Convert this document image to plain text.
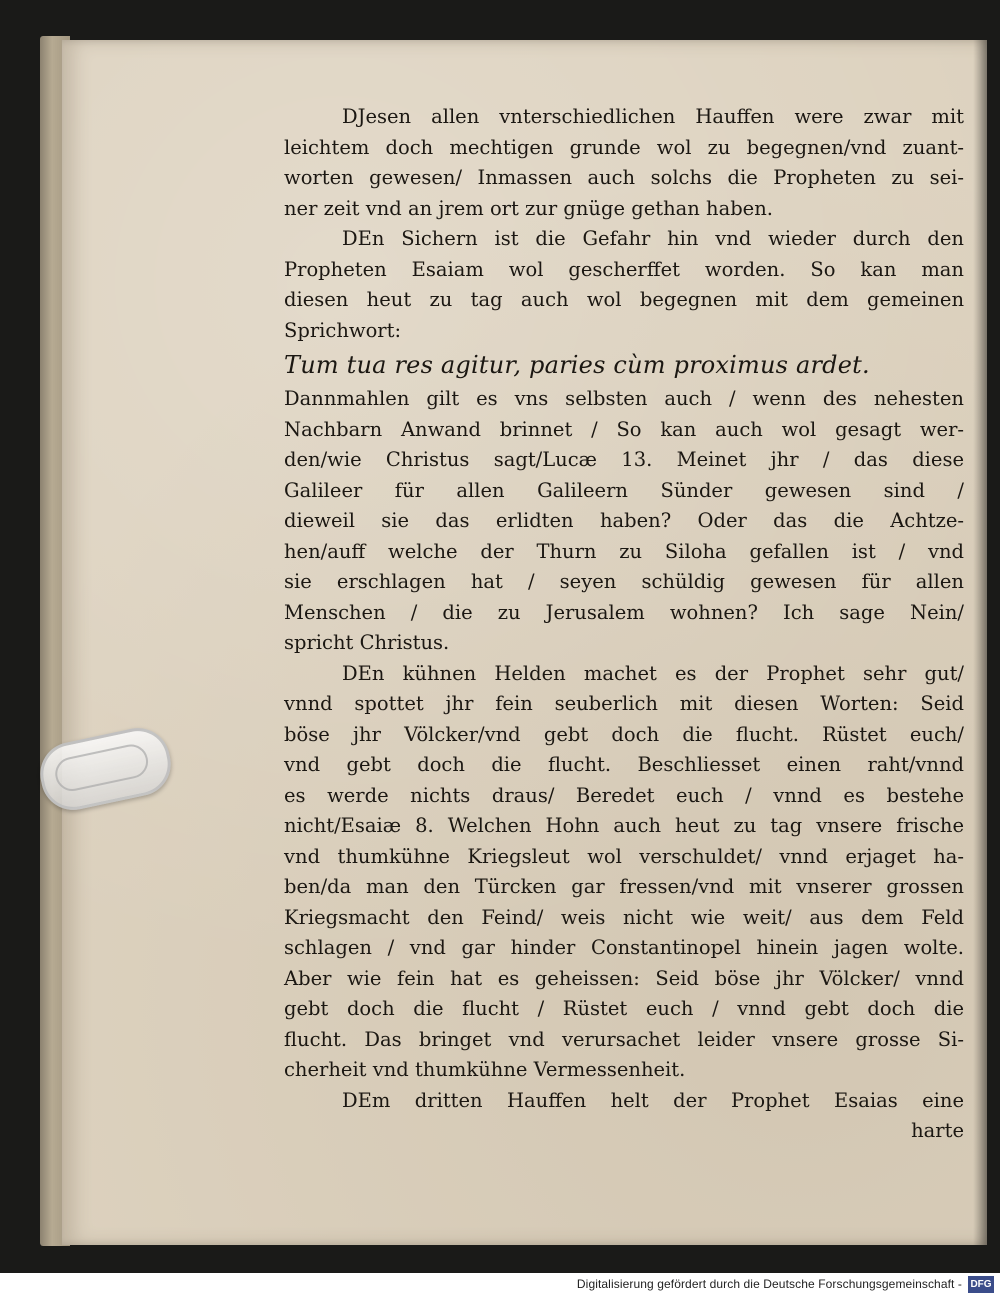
DJesen allen vnterschiedlichen Hauffen were zwar mit
leichtem doch mechtigen grunde wol zu begegnen/vnd zuant-
worten gewesen/ Inmassen auch solchs die Propheten zu sei-
ner zeit vnd an jrem ort zur gnüge gethan haben.
DEn Sichern ist die Gefahr hin vnd wieder durch den
Propheten Esaiam wol gescherffet worden. So kan man
diesen heut zu tag auch wol begegnen mit dem gemeinen
Sprichwort:
Tum tua res agitur, paries cùm proximus ardet.
Dannmahlen gilt es vns selbsten auch / wenn des nehesten
Nachbarn Anwand brinnet / So kan auch wol gesagt wer-
den/wie Christus sagt/Lucæ 13. Meinet jhr / das diese
Galileer für allen Galileern Sünder gewesen sind /
dieweil sie das erlidten haben? Oder das die Achtze-
hen/auff welche der Thurn zu Siloha gefallen ist / vnd
sie erschlagen hat / seyen schüldig gewesen für allen
Menschen / die zu Jerusalem wohnen? Ich sage Nein/
spricht Christus.
DEn kühnen Helden machet es der Prophet sehr gut/
vnnd spottet jhr fein seuberlich mit diesen Worten: Seid
böse jhr Völcker/vnd gebt doch die flucht. Rüstet euch/
vnd gebt doch die flucht. Beschliesset einen raht/vnnd
es werde nichts draus/ Beredet euch / vnnd es bestehe
nicht/Esaiæ 8. Welchen Hohn auch heut zu tag vnsere frische
vnd thumkühne Kriegsleut wol verschuldet/ vnnd erjaget ha-
ben/da man den Türcken gar fressen/vnd mit vnserer grossen
Kriegsmacht den Feind/ weis nicht wie weit/ aus dem Feld
schlagen / vnd gar hinder Constantinopel hinein jagen wolte.
Aber wie fein hat es geheissen: Seid böse jhr Völcker/ vnnd
gebt doch die flucht / Rüstet euch / vnnd gebt doch die
flucht. Das bringet vnd verursachet leider vnsere grosse Si-
cherheit vnd thumkühne Vermessenheit.
DEm dritten Hauffen helt der Prophet Esaias eine
harte
Digitalisierung gefördert durch die Deutsche Forschungsgemeinschaft - DFG
